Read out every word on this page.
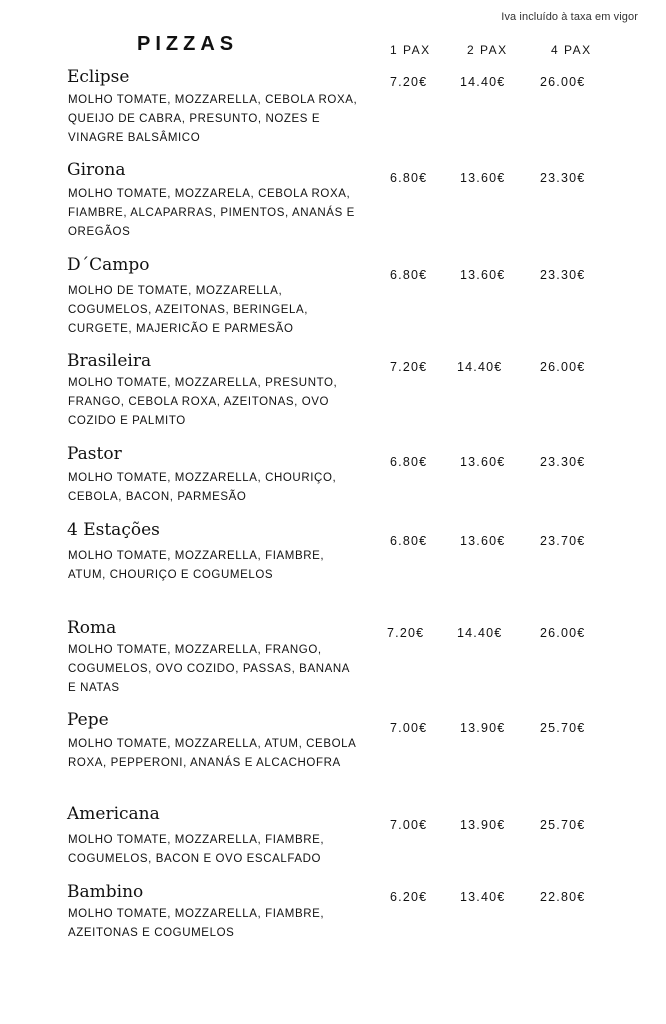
Iva incluído à taxa em vigor
PIZZAS	1 PAX	2 PAX	4 PAX
Eclipse
MOLHO TOMATE, MOZZARELLA, CEBOLA ROXA, QUEIJO DE CABRA, PRESUNTO, NOZES E VINAGRE BALSÂMICO
7.20€	14.40€	26.00€
Girona
MOLHO TOMATE, MOZZARELA, CEBOLA ROXA, FIAMBRE, ALCAPARRAS, PIMENTOS, ANANÁS E OREGÃOS
6.80€	13.60€	23.30€
D´Campo
MOLHO DE TOMATE, MOZZARELLA, COGUMELOS, AZEITONAS, BERINGELA, CURGETE, MAJERICÃO E PARMESÃO
6.80€	13.60€	23.30€
Brasileira
MOLHO TOMATE, MOZZARELLA, PRESUNTO, FRANGO, CEBOLA ROXA, AZEITONAS, OVO COZIDO E PALMITO
7.20€ 14.40€	26.00€
Pastor
MOLHO TOMATE, MOZZARELLA, CHOURIÇO, CEBOLA, BACON, PARMESÃO
6.80€	13.60€	23.30€
4 Estações
MOLHO TOMATE, MOZZARELLA, FIAMBRE, ATUM, CHOURIÇO E COGUMELOS
6.80€	13.60€	23.70€
Roma
MOLHO TOMATE, MOZZARELLA, FRANGO, COGUMELOS, OVO COZIDO, PASSAS, BANANA E NATAS
7.20€	14.40€	26.00€
Pepe
MOLHO TOMATE, MOZZARELLA, ATUM, CEBOLA ROXA, PEPPERONI, ANANÁS E ALCACHOFRA
7.00€	13.90€	25.70€
Americana
MOLHO TOMATE, MOZZARELLA, FIAMBRE, COGUMELOS, BACON E OVO ESCALFADO
7.00€	13.90€	25.70€
Bambino
MOLHO TOMATE, MOZZARELLA, FIAMBRE, AZEITONAS E COGUMELOS
6.20€	13.40€	22.80€
